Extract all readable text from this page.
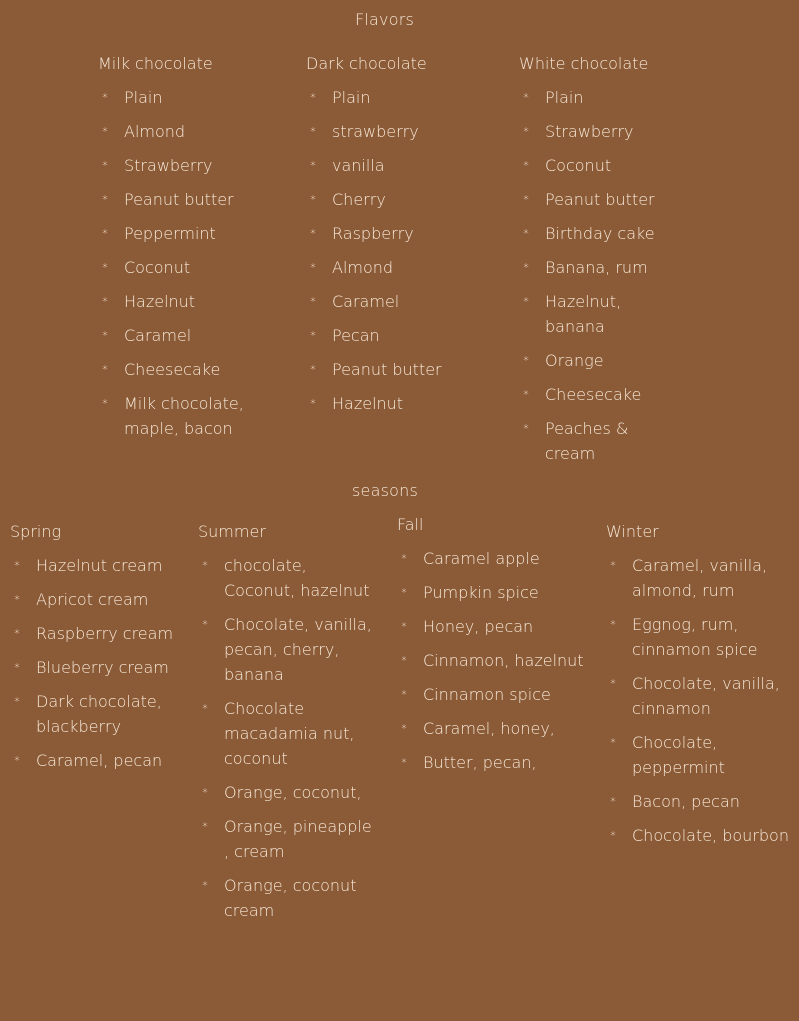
Flavors
Milk chocolate
* Plain
* Almond
* Strawberry
* Peanut butter
* Peppermint
* Coconut
* Hazelnut
* Caramel
* Cheesecake
* Milk chocolate, maple, bacon
Dark chocolate
* Plain
* strawberry
* vanilla
* Cherry
* Raspberry
* Almond
* Caramel
* Pecan
* Peanut butter
* Hazelnut
White chocolate
* Plain
* Strawberry
* Coconut
* Peanut butter
* Birthday cake
* Banana, rum
* Hazelnut, banana
* Orange
* Cheesecake
* Peaches & cream
seasons
Spring
* Hazelnut cream
* Apricot cream
* Raspberry cream
* Blueberry cream
* Dark chocolate, blackberry
* Caramel, pecan
Summer
* chocolate, Coconut, hazelnut
* Chocolate, vanilla, pecan, cherry, banana
* Chocolate macadamia nut, coconut
* Orange, coconut,
* Orange, pineapple , cream
* Orange, coconut cream
Fall
* Caramel apple
* Pumpkin spice
* Honey, pecan
* Cinnamon, hazelnut
* Cinnamon spice
* Caramel, honey,
* Butter, pecan,
Winter
* Caramel, vanilla, almond, rum
* Eggnog, rum, cinnamon spice
* Chocolate, vanilla, cinnamon
* Chocolate, peppermint
* Bacon, pecan
* Chocolate, bourbon
